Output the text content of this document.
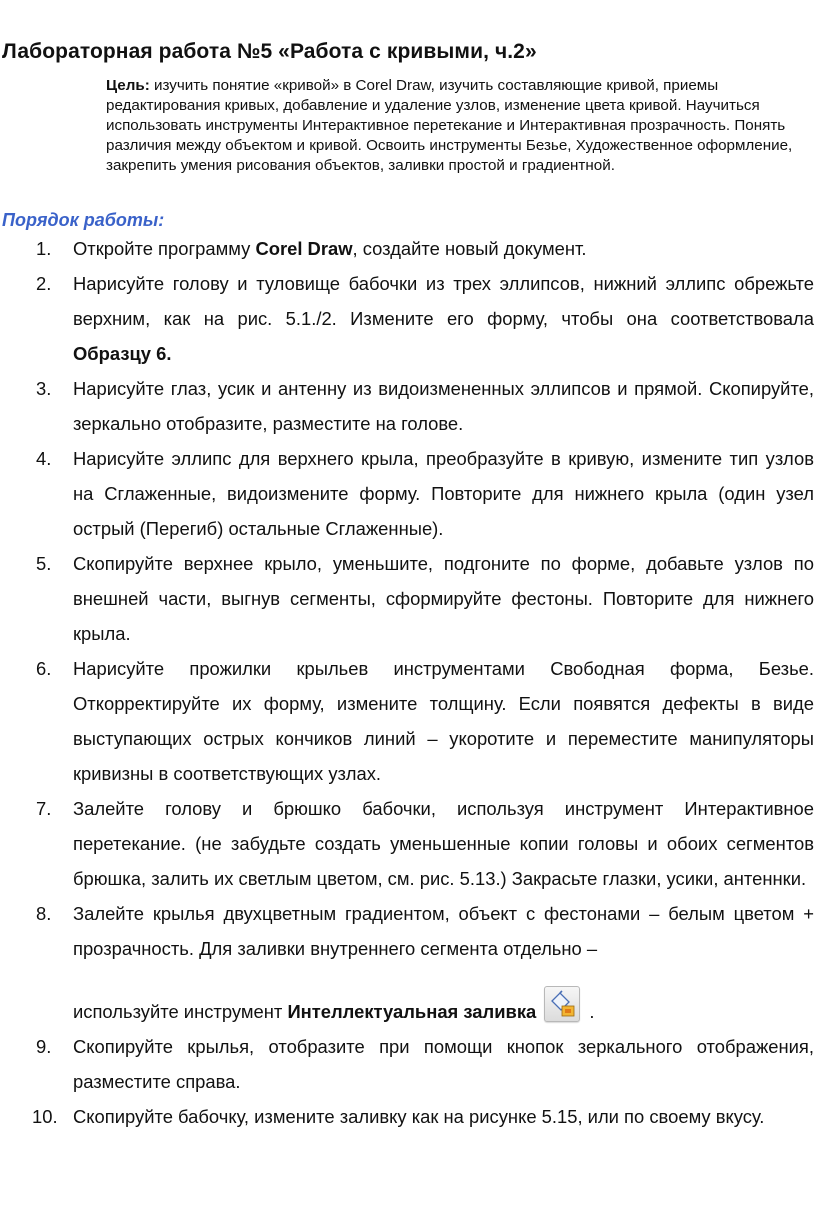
Лабораторная работа №5 «Работа с кривыми, ч.2»

Цель: изучить понятие «кривой» в Corel Draw, изучить составляющие кривой, приемы редактирования кривых, добавление и удаление узлов, изменение цвета кривой. Научиться использовать инструменты Интерактивное перетекание и Интерактивная прозрачность. Понять различия между объектом и кривой. Освоить инструменты Безье, Художественное оформление, закрепить умения рисования объектов, заливки простой и градиентной.

Порядок работы:
1.	Откройте программу Corel Draw, создайте новый документ.
2.	Нарисуйте голову и туловище бабочки из трех эллипсов, нижний эллипс обрежьте верхним, как на рис. 5.1./2. Измените его форму, чтобы она соответствовала Образцу 6.
3.	Нарисуйте глаз, усик и антенну из видоизмененных эллипсов и прямой. Скопируйте, зеркально отобразите, разместите на голове.
4.	Нарисуйте эллипс для верхнего крыла, преобразуйте в кривую, измените тип узлов на Сглаженные, видоизмените форму. Повторите для нижнего крыла (один узел острый (Перегиб) остальные Сглаженные).
5.	Скопируйте верхнее крыло, уменьшите, подгоните по форме, добавьте узлов по внешней части, выгнув сегменты, сформируйте фестоны. Повторите для нижнего крыла.
6.	Нарисуйте прожилки крыльев инструментами Свободная форма, Безье. Откорректируйте их форму, измените толщину. Если появятся дефекты в виде выступающих острых кончиков линий – укоротите и переместите манипуляторы кривизны в соответствующих узлах.
7.	Залейте голову и брюшко бабочки, используя инструмент Интерактивное перетекание. (не забудьте создать уменьшенные копии головы и обоих сегментов брюшка, залить их светлым цветом, см. рис. 5.13.) Закрасьте глазки, усики, антеннки.
8.	Залейте крылья двухцветным градиентом, объект с фестонами – белым цветом + прозрачность. Для заливки внутреннего сегмента отдельно –
используйте инструмент Интеллектуальная заливка	.
9.	Скопируйте крылья, отобразите при помощи кнопок зеркального отображения, разместите справа.
10. Скопируйте бабочку, измените заливку как на рисунке 5.15, или по своему вкусу.
